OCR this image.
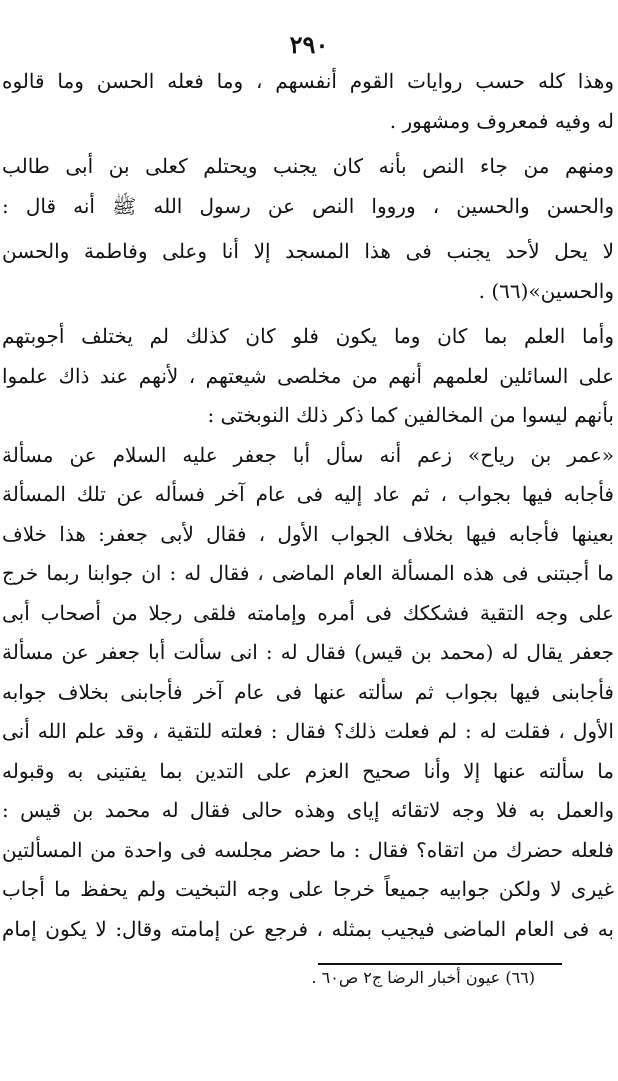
٢٩٠

وهذا كله حسب روايات القوم أنفسهم ، وما فعله الحسن وما قالوه
له وفيه فمعروف ومشهور .

ومنهم من جاء النص بأنه كان يجنب ويحتلم كعلى بن أبى طالب
والحسن والحسين ، ورووا النص عن رسول الله ﷺ أنه قال :

لا يحل لأحد يجنب فى هذا المسجد إلا أنا وعلى وفاطمة والحسن
والحسين»(٦٦) .

وأما العلم بما كان وما يكون فلو كان كذلك لم يختلف أجوبتهم
على السائلين لعلمهم أنهم من مخلصى شيعتهم ، لأنهم عند ذاك علموا
بأنهم ليسوا من المخالفين كما ذكر ذلك النوبختى :

«عمر بن رياح» زعم أنه سأل أبا جعفر عليه السلام عن مسألة
فأجابه فيها بجواب ، ثم عاد إليه فى عام آخر فسأله عن تلك المسألة
بعينها فأجابه فيها بخلاف الجواب الأول ، فقال لأبى جعفر: هذا خلاف
ما أجبتنى فى هذه المسألة العام الماضى ، فقال له : ان جوابنا ربما خرج
على وجه التقية فشككك فى أمره وإمامته فلقى رجلا من أصحاب أبى
جعفر يقال له (محمد بن قيس) فقال له : انى سألت أبا جعفر عن مسألة
فأجابنى فيها بجواب ثم سألته عنها فى عام آخر فأجابنى بخلاف جوابه
الأول ، فقلت له : لم فعلت ذلك؟ فقال : فعلته للتقية ، وقد علم الله أنى
ما سألته عنها إلا وأنا صحيح العزم على التدين بما يفتينى به وقبوله
والعمل به فلا وجه لاتقائه إياى وهذه حالى فقال له محمد بن قيس :
فلعله حضرك من اتقاه؟ فقال : ما حضر مجلسه فى واحدة من المسألتين
غيرى لا ولكن جوابيه جميعاً خرجا على وجه التبخيت ولم يحفظ ما أجاب
به فى العام الماضى فيجيب بمثله ، فرجع عن إمامته وقال: لا يكون إمام

(٦٦) عيون أخبار الرضا ج٢ ص٦٠ .
